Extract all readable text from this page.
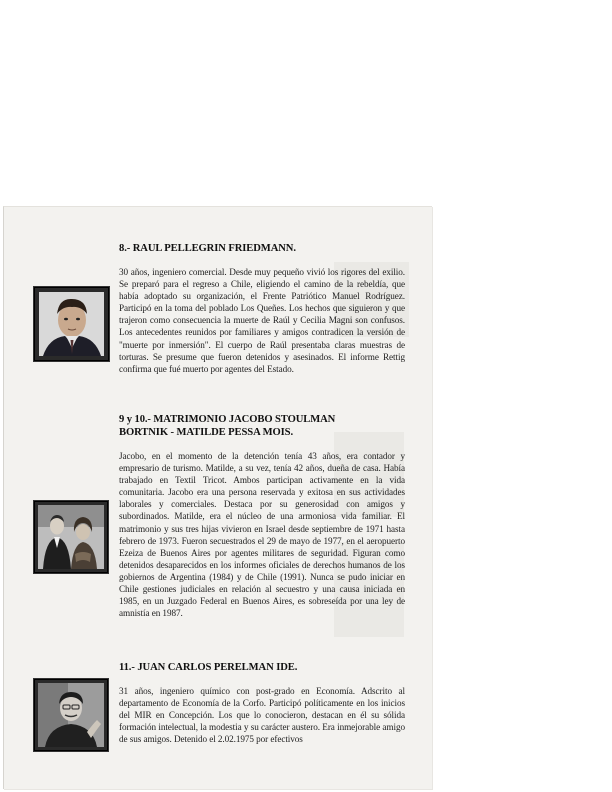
8.- RAUL PELLEGRIN FRIEDMANN.

30 años, ingeniero comercial. Desde muy pequeño vivió los rigores del exilio. Se preparó para el regreso a Chile, eligiendo el camino de la rebeldía, que había adoptado su organización, el Frente Patriótico Manuel Rodríguez. Participó en la toma del poblado Los Queñes. Los hechos que siguieron y que trajeron como consecuencia la muerte de Raúl y Cecilia Magni son confusos. Los antecedentes reunidos por familiares y amigos contradicen la versión de "muerte por inmersión". El cuerpo de Raúl presentaba claras muestras de torturas. Se presume que fueron detenidos y asesinados. El informe Rettig confirma que fué muerto por agentes del Estado.

9 y 10.- MATRIMONIO JACOBO STOULMAN BORTNIK - MATILDE PESSA MOIS.

Jacobo, en el momento de la detención tenía 43 años, era contador y empresario de turismo. Matilde, a su vez, tenía 42 años, dueña de casa. Había trabajado en Textil Tricot. Ambos participan activamente en la vida comunitaria. Jacobo era una persona reservada y exitosa en sus actividades laborales y comerciales. Destaca por su generosidad con amigos y subordinados. Matilde, era el núcleo de una armoniosa vida familiar. El matrimonio y sus tres hijas vivieron en Israel desde septiembre de 1971 hasta febrero de 1973. Fueron secuestrados el 29 de mayo de 1977, en el aeropuerto Ezeiza de Buenos Aires por agentes militares de seguridad. Figuran como detenidos desaparecidos en los informes oficiales de derechos humanos de los gobiernos de Argentina (1984) y de Chile (1991). Nunca se pudo iniciar en Chile gestiones judiciales en relación al secuestro y una causa iniciada en 1985, en un Juzgado Federal en Buenos Aires, es sobreseída por una ley de amnistía en 1987.

11.- JUAN CARLOS PERELMAN IDE.

31 años, ingeniero químico con post-grado en Economía. Adscrito al departamento de Economía de la Corfo. Participó políticamente en los inicios del MIR en Concepción. Los que lo conocieron, destacan en él su sólida formación intelectual, la modestia y su carácter austero. Era inmejorable amigo de sus amigos. Detenido el 2.02.1975 por efectivos
